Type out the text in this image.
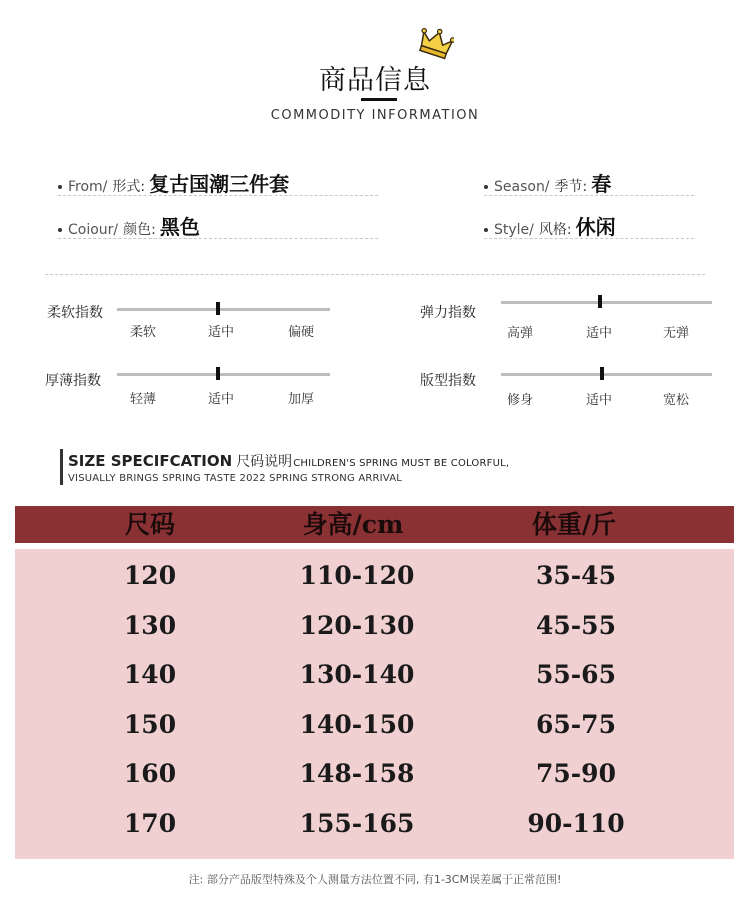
商品信息
COMMODITY INFORMATION
From/ 形式: 复古国潮三件套	Season/ 季节: 春
Coiour/ 颜色: 黑色	Style/ 风格: 休闲
柔软指数
柔软	适中	偏硬
弹力指数
高弹	适中	无弹
厚薄指数
轻薄	适中	加厚
版型指数
修身	适中	宽松
SIZE SPECIFCATION 尺码说明CHILDREN'S SPRING MUST BE COLORFUL,
VISUALLY BRINGS SPRING TASTE 2022 SPRING STRONG ARRIVAL
尺码	身高/cm	体重/斤
120	110-120	35-45
130	120-130	45-55
140	130-140	55-65
150	140-150	65-75
160	148-158	75-90
170	155-165	90-110
注: 部分产品版型特殊及个人测量方法位置不同, 有1-3CM误差属于正常范围!
